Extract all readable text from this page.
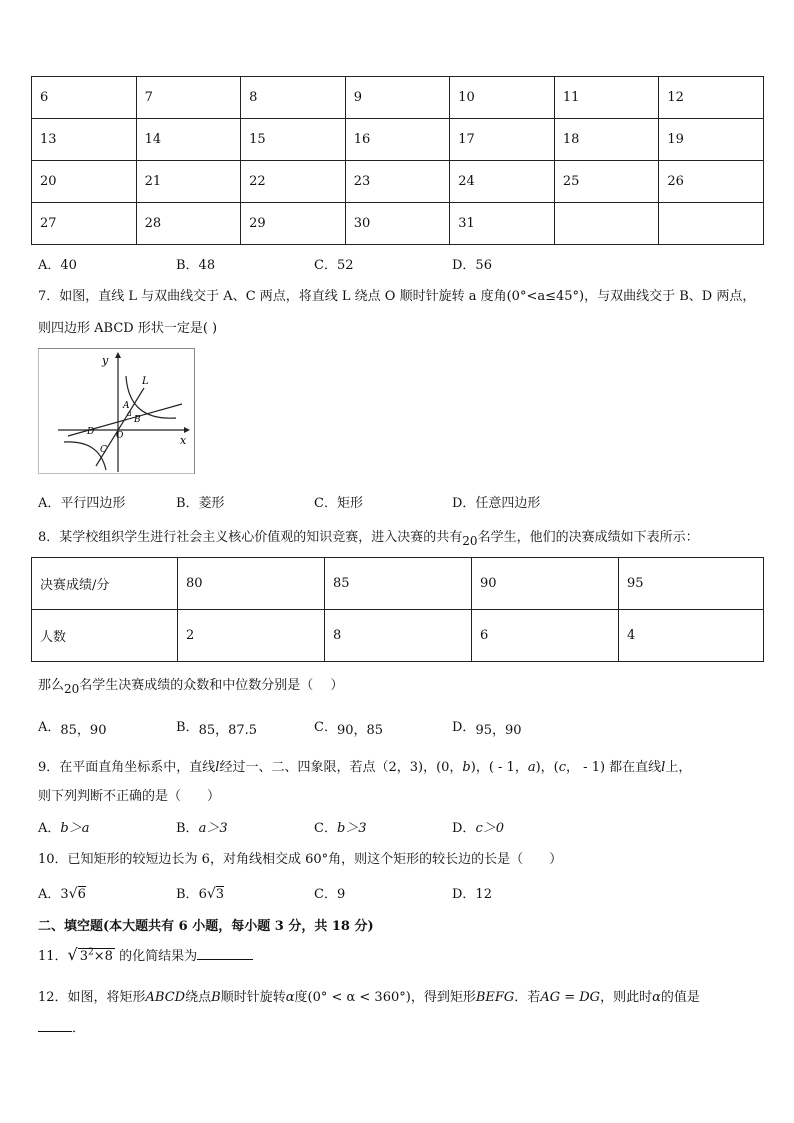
6	7	8	9	10	11	12
13	14	15	16	17	18	19
20	21	22	23	24	25	26
27	28	29	30	31		
A．40	B．48	C．52	D．56
7．如图，直线 L 与双曲线交于 A、C 两点，将直线 L 绕点 O 顺时针旋转 a 度角(0°<a≤45°)，与双曲线交于 B、D 两点，
则四边形 ABCD 形状一定是( )
y
x
L
A
B
a
D O
C
A．平行四边形	B．菱形	C．矩形	D．任意四边形
8．某学校组织学生进行社会主义核心价值观的知识竞赛，进入决赛的共有20名学生，他们的决赛成绩如下表所示：
决赛成绩/分	80	85	90	95
人数	2	8	6	4
那么20名学生决赛成绩的众数和中位数分别是（　 ）
A．85，90	B．85，87.5	C．90，85	D．95，90
9．在平面直角坐标系中，直线l经过一、二、四象限，若点（2，3)，(0，b)，( - 1，a)，(c， - 1) 都在直线l上，
则下列判断不正确的是（　　）
A．b＞a	B．a＞3	C．b＞3	D．c＞0
10．已知矩形的较短边长为 6，对角线相交成 60°角，则这个矩形的较长边的长是（　　）
A．3√6	B．6√3	C．9	D．12
二、填空题(本大题共有 6 小题，每小题 3 分，共 18 分)
11．√ $3^2\times 8$ 的化简结果为
12．如图，将矩形ABCD绕点B顺时针旋转α度(0° < α < 360°)，得到矩形BEFG．若AG = DG，则此时α的值是
．
